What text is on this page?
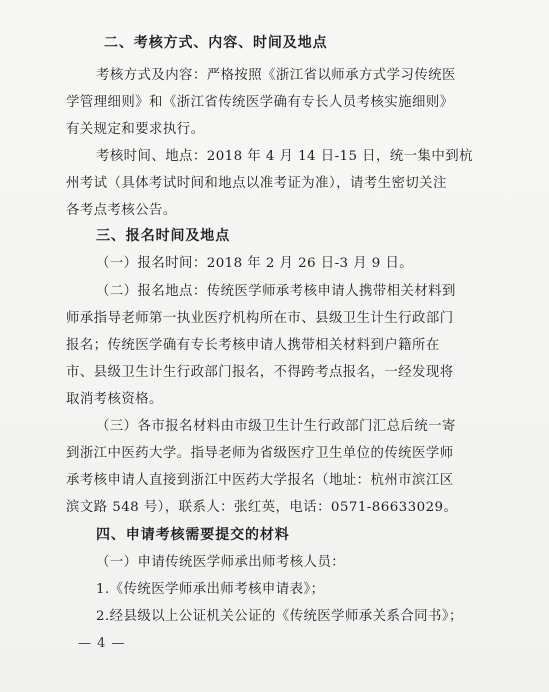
二、考核方式、内容、时间及地点
考核方式及内容：严格按照《浙江省以师承方式学习传统医
学管理细则》和《浙江省传统医学确有专长人员考核实施细则》
有关规定和要求执行。
考核时间、地点：2018 年 4 月 14 日-15 日，统一集中到杭
州考试（具体考试时间和地点以准考证为准），请考生密切关注
各考点考核公告。
三、报名时间及地点
（一）报名时间：2018 年 2 月 26 日-3 月 9 日。
（二）报名地点：传统医学师承考核申请人携带相关材料到
师承指导老师第一执业医疗机构所在市、县级卫生计生行政部门
报名；传统医学确有专长考核申请人携带相关材料到户籍所在
市、县级卫生计生行政部门报名，不得跨考点报名，一经发现将
取消考核资格。
（三）各市报名材料由市级卫生计生行政部门汇总后统一寄
到浙江中医药大学。指导老师为省级医疗卫生单位的传统医学师
承考核申请人直接到浙江中医药大学报名（地址：杭州市滨江区
滨文路 548 号），联系人：张红英，电话：0571-86633029。
四、申请考核需要提交的材料
（一）申请传统医学师承出师考核人员：
1.《传统医学师承出师考核申请表》；
2.经县级以上公证机关公证的《传统医学师承关系合同书》；
— 4 —
